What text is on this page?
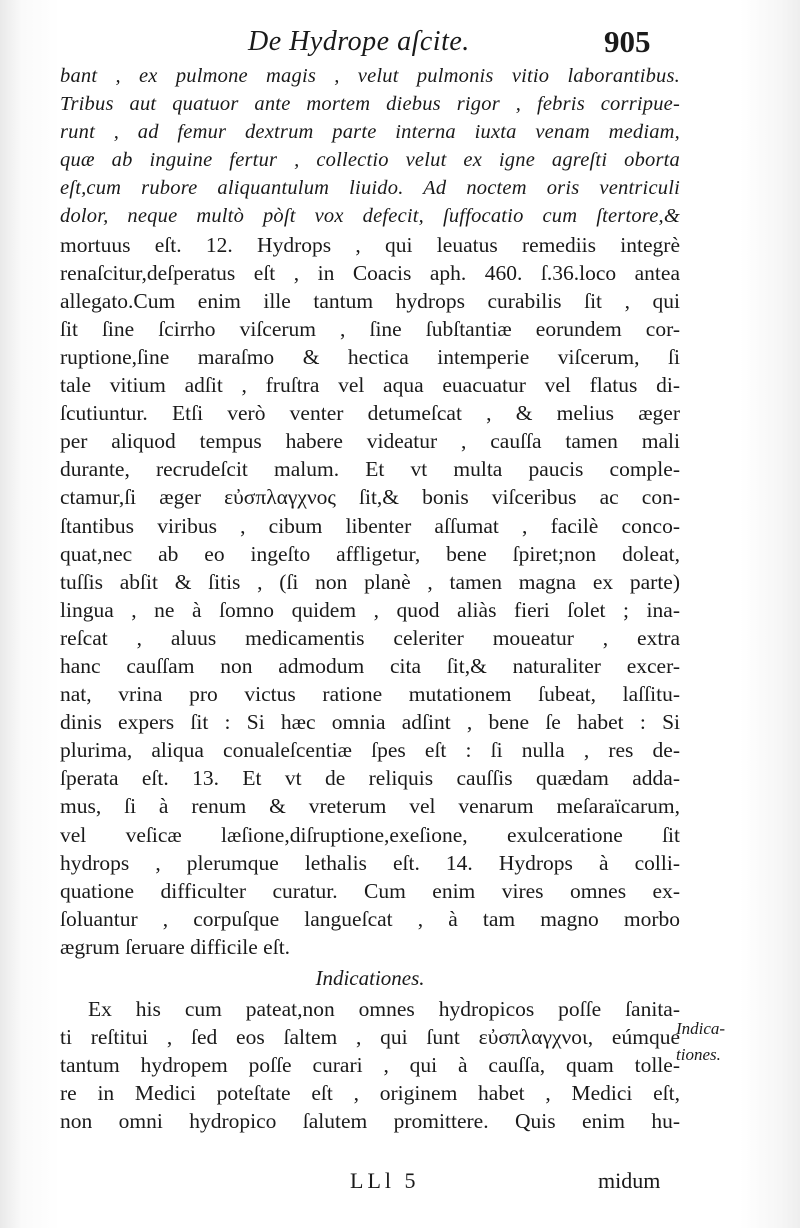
De Hydrope aſcite.	905
bant , ex pulmone magis , velut pulmonis vitio laborantibus.
Tribus aut quatuor ante mortem diebus rigor , febris corripue-
runt , ad femur dextrum parte interna iuxta venam mediam,
quæ ab inguine fertur , collectio velut ex igne agreſti oborta
eſt,cum rubore aliquantulum liuido. Ad noctem oris ventriculi
dolor, neque multò pòſt vox defecit, ſuffocatio cum ſtertore,&
mortuus eſt. 12. Hydrops , qui leuatus remediis integrè
renaſcitur,deſperatus eſt , in Coacis aph. 460. ſ.36.loco antea
allegato.Cum enim ille tantum hydrops curabilis ſit , qui
ſit ſine ſcirrho viſcerum , ſine ſubſtantiæ eorundem cor-
ruptione,ſine maraſmo & hectica intemperie viſcerum, ſi
tale vitium adſit , fruſtra vel aqua euacuatur vel flatus di-
ſcutiuntur. Etſi verò venter detumeſcat , & melius æger
per aliquod tempus habere videatur , cauſſa tamen mali
durante, recrudeſcit malum. Et vt multa paucis comple-
ctamur,ſi æger εὐσπλαγχνος ſit,& bonis viſceribus ac con-
ſtantibus viribus , cibum libenter aſſumat , facilè conco-
quat,nec ab eo ingeſto affligetur, bene ſpiret;non doleat,
tuſſis abſit & ſitis , (ſi non planè , tamen magna ex parte)
lingua , ne à ſomno quidem , quod aliàs fieri ſolet ; ina-
reſcat , aluus medicamentis celeriter moueatur , extra
hanc cauſſam non admodum cita ſit,& naturaliter excer-
nat, vrina pro victus ratione mutationem ſubeat, laſſitu-
dinis expers ſit : Si hæc omnia adſint , bene ſe habet : Si
plurima, aliqua conualeſcentiæ ſpes eſt : ſi nulla , res de-
ſperata eſt. 13. Et vt de reliquis cauſſis quædam adda-
mus, ſi à renum & vreterum vel venarum meſaraïcarum,
vel veſicæ læſione,diſruptione,exeſione, exulceratione ſit
hydrops , plerumque lethalis eſt. 14. Hydrops à colli-
quatione difficulter curatur. Cum enim vires omnes ex-
ſoluantur , corpuſque langueſcat , à tam magno morbo
ægrum ſeruare difficile eſt.
Indicationes.
Ex his cum pateat,non omnes hydropicos poſſe ſanita-
ti reſtitui , ſed eos ſaltem , qui ſunt εὐσπλαγχνοι, eúmque
tantum hydropem poſſe curari , qui à cauſſa, quam tolle-
re in Medici poteſtate eſt , originem habet , Medici eſt,
non omni hydropico ſalutem promittere. Quis enim hu-
Indica-
tiones.
LLl 5	midum
